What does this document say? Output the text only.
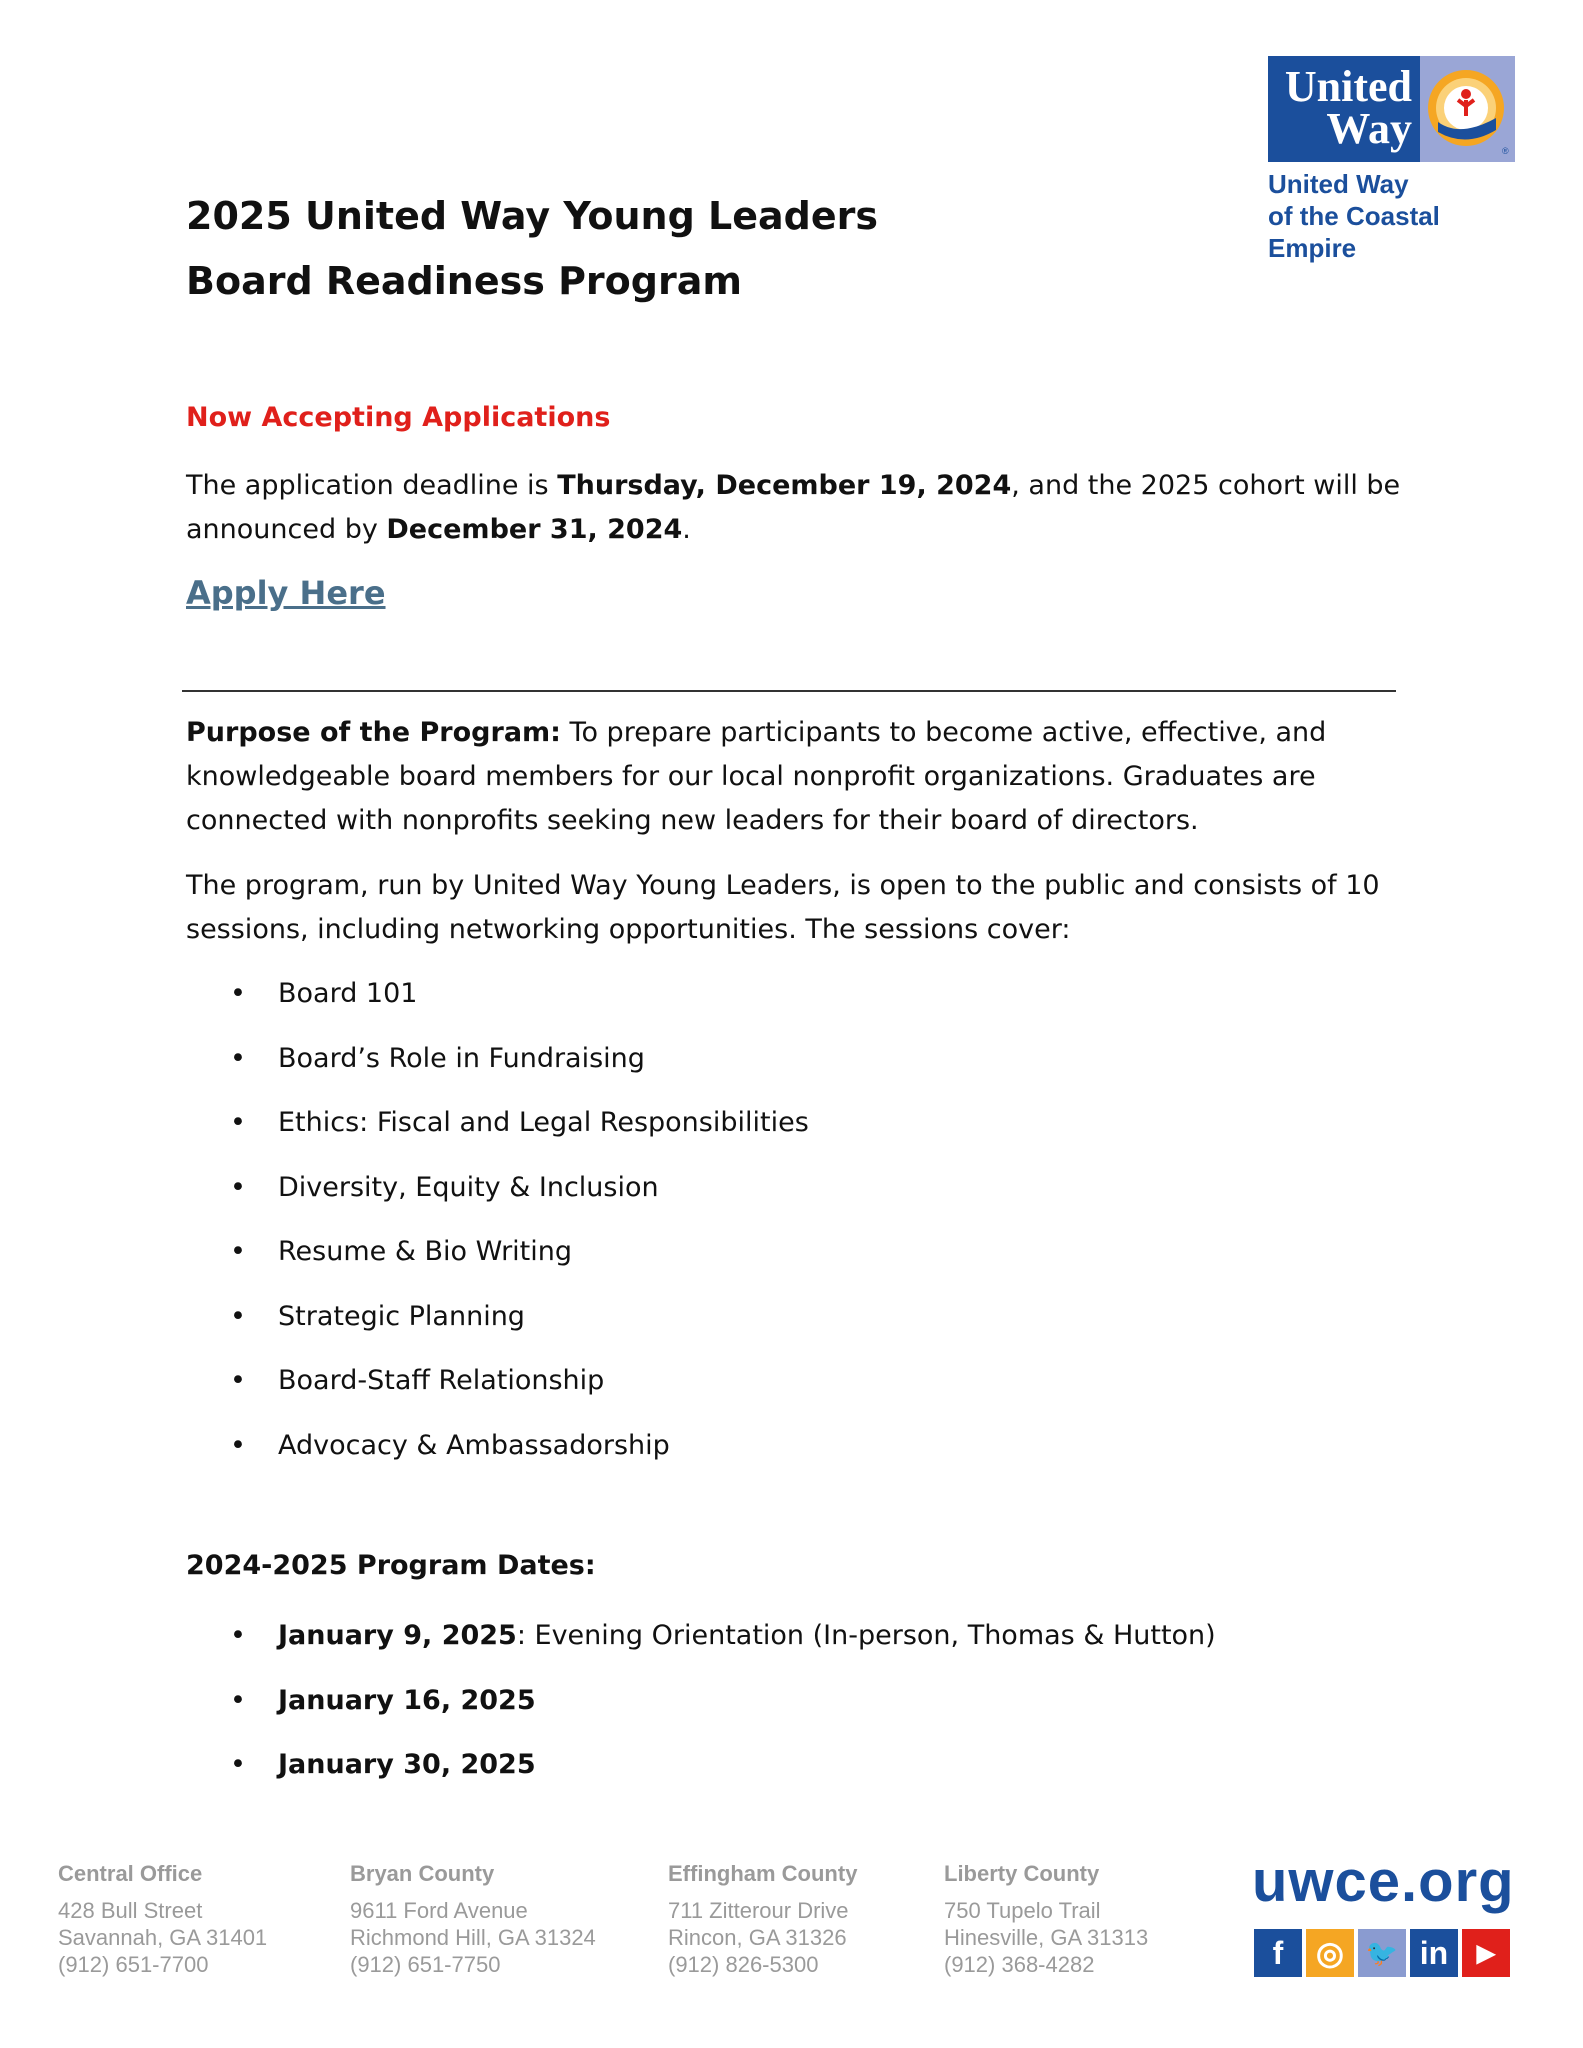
United
Way	®
United Way
of the Coastal Empire
2025 United Way Young Leaders
Board Readiness Program
Now Accepting Applications

The application deadline is Thursday, December 19, 2024, and the 2025 cohort will be announced by December 31, 2024.

Apply Here

Purpose of the Program: To prepare participants to become active, effective, and knowledgeable board members for our local nonprofit organizations. Graduates are connected with nonprofits seeking new leaders for their board of directors.

The program, run by United Way Young Leaders, is open to the public and consists of 10 sessions, including networking opportunities. The sessions cover:

• Board 101
• Board’s Role in Fundraising
• Ethics: Fiscal and Legal Responsibilities
• Diversity, Equity & Inclusion
• Resume & Bio Writing
• Strategic Planning
• Board-Staff Relationship
• Advocacy & Ambassadorship
2024-2025 Program Dates:
• January 9, 2025: Evening Orientation (In-person, Thomas & Hutton)
• January 16, 2025
• January 30, 2025
Central Office
428 Bull Street
Savannah, GA 31401
(912) 651-7700
Bryan County
9611 Ford Avenue
Richmond Hill, GA 31324
(912) 651-7750
Effingham County
711 Zitterour Drive
Rincon, GA 31326
(912) 826-5300
Liberty County
750 Tupelo Trail
Hinesville, GA 31313
(912) 368-4282
uwce.org
f	◎ 🐦 in	▶
